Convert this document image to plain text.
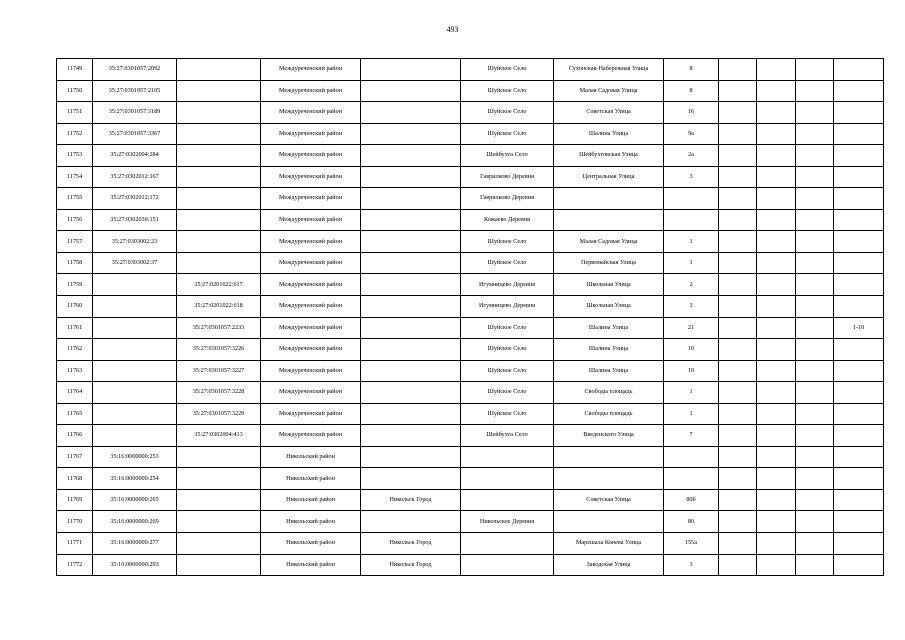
493
11749	35:27:0301057:2092		Междуреченский район		Шуйское Село	Сухонская-Набережная Улица	8				
11750	35:27:0301057:2105		Междуреченский район		Шуйское Село	Малая Садовая Улица	8				
11751	35:27:0301057:3189		Междуреченский район		Шуйское Село	Советская Улица	16				
11752	35:27:0301057:3367		Междуреченский район		Шуйское Село	Шалина Улица	9а				
11753	35:27:0302004:284		Междуреченский район		Шейбухта Село	Шейбухтовская Улица	2а				
11754	35:27:0302012:167		Междуреченский район		Гаврилково Деревня	Центральная Улица	3				
11755	35:27:0302012:172		Междуреченский район		Гаврилково Деревня						
11756	35:27:0302030:151		Междуреченский район		Кожаево Деревня						
11757	35:27:0303002:23		Междуреченский район		Шуйское Село	Малая Садовая Улица	1				
11758	35:27:0303002:37		Междуреченский район		Шуйское Село	Первомайская Улица	1				
11759		35:27:0201022:617	Междуреченский район		Игумницево Деревня	Школьная Улица	2				
11760		35:27:0201022:618	Междуреченский район		Игумницево Деревня	Школьная Улица	3				
11761		35:27:0301057:2233	Междуреченский район		Шуйское Село	Шалина Улица	21				1-10
11762		35:27:0301057:3226	Междуреченский район		Шуйское Село	Шалина Улица	10				
11763		35:27:0301057:3227	Междуреченский район		Шуйское Село	Шалина Улица	10				
11764		35:27:0301057:3228	Междуреченский район		Шуйское Село	Свободы площадь	1				
11765		35:27:0301057:3229	Междуреченский район		Шуйское Село	Свободы площадь	1				
11766		35:27:0302004:413	Междуреченский район		Шейбухта Село	Введенского Улица	7				
11767	35:16:0000000:253		Никольский район								
11768	35:16:0000000:254		Никольский район								
11769	35:16:0000000:265		Никольский район	Никольск Город		Советская Улица	80б				
11770	35:16:0000000:269		Никольский район		Никольское Деревня		80				
11771	35:16:0000000:277		Никольский район	Никольск Город		Марешала Конева Улица	155а				
11772	35:16:0000000:293		Никольский район	Никольск Город		Заводская Улица	3				
